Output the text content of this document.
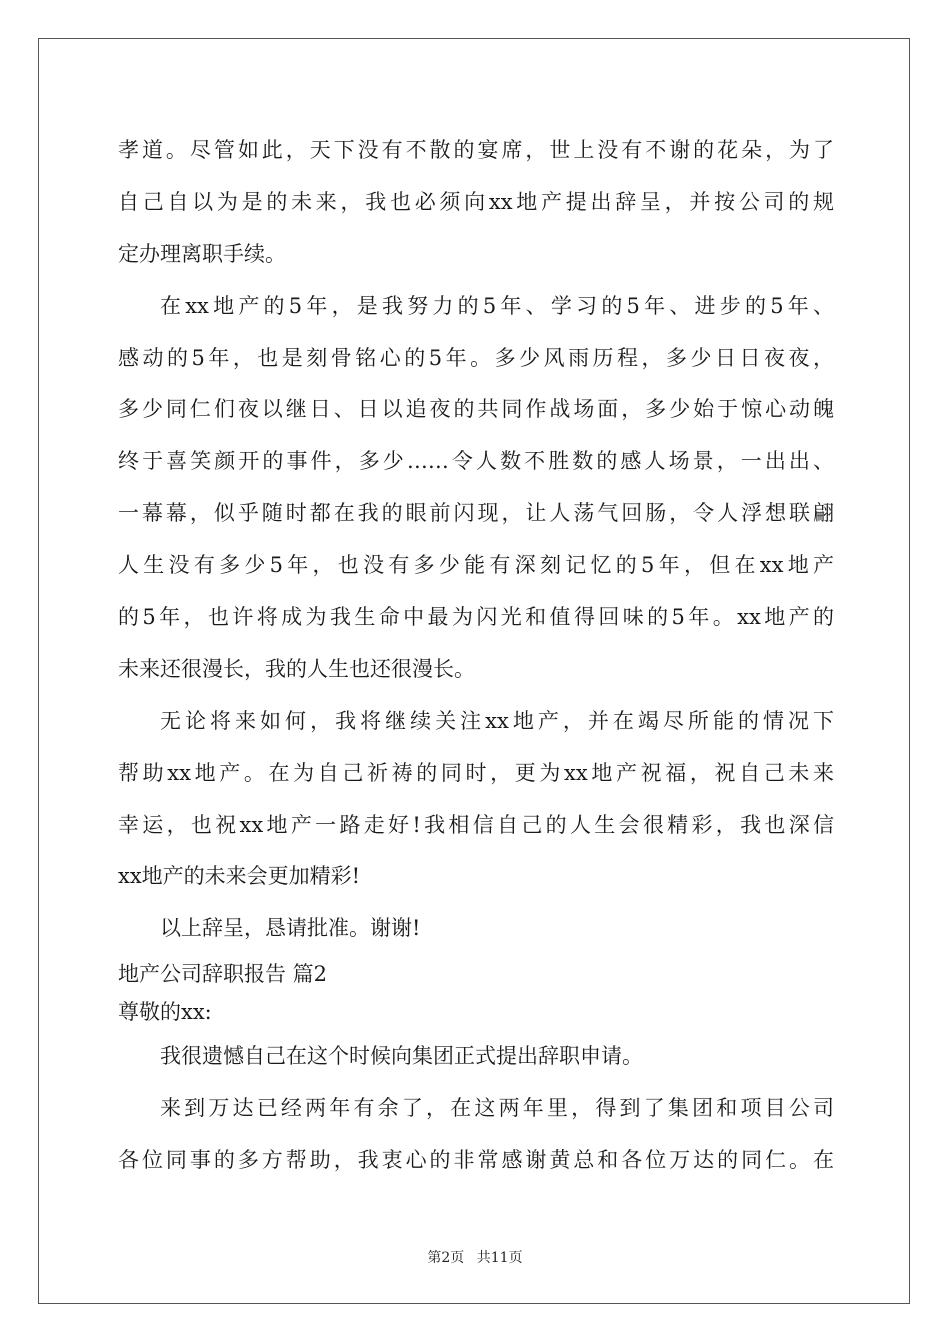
孝道。尽管如此，天下没有不散的宴席，世上没有不谢的花朵，为了
自己自以为是的未来，我也必须向xx地产提出辞呈，并按公司的规
定办理离职手续。
在xx地产的5年，是我努力的5年、学习的5年、进步的5年、
感动的5年，也是刻骨铭心的5年。多少风雨历程，多少日日夜夜，
多少同仁们夜以继日、日以追夜的共同作战场面，多少始于惊心动魄
终于喜笑颜开的事件，多少……令人数不胜数的感人场景，一出出、
一幕幕，似乎随时都在我的眼前闪现，让人荡气回肠，令人浮想联翩
人生没有多少5年，也没有多少能有深刻记忆的5年，但在xx地产
的5年，也许将成为我生命中最为闪光和值得回味的5年。xx地产的
未来还很漫长，我的人生也还很漫长。
无论将来如何，我将继续关注xx地产，并在竭尽所能的情况下
帮助xx地产。在为自己祈祷的同时，更为xx地产祝福，祝自己未来
幸运，也祝xx地产一路走好!我相信自己的人生会很精彩，我也深信
xx地产的未来会更加精彩!
以上辞呈，恳请批准。谢谢!
地产公司辞职报告 篇2
尊敬的xx:
我很遗憾自己在这个时候向集团正式提出辞职申请。
来到万达已经两年有余了，在这两年里，得到了集团和项目公司
各位同事的多方帮助，我衷心的非常感谢黄总和各位万达的同仁。在
第2页 共11页
